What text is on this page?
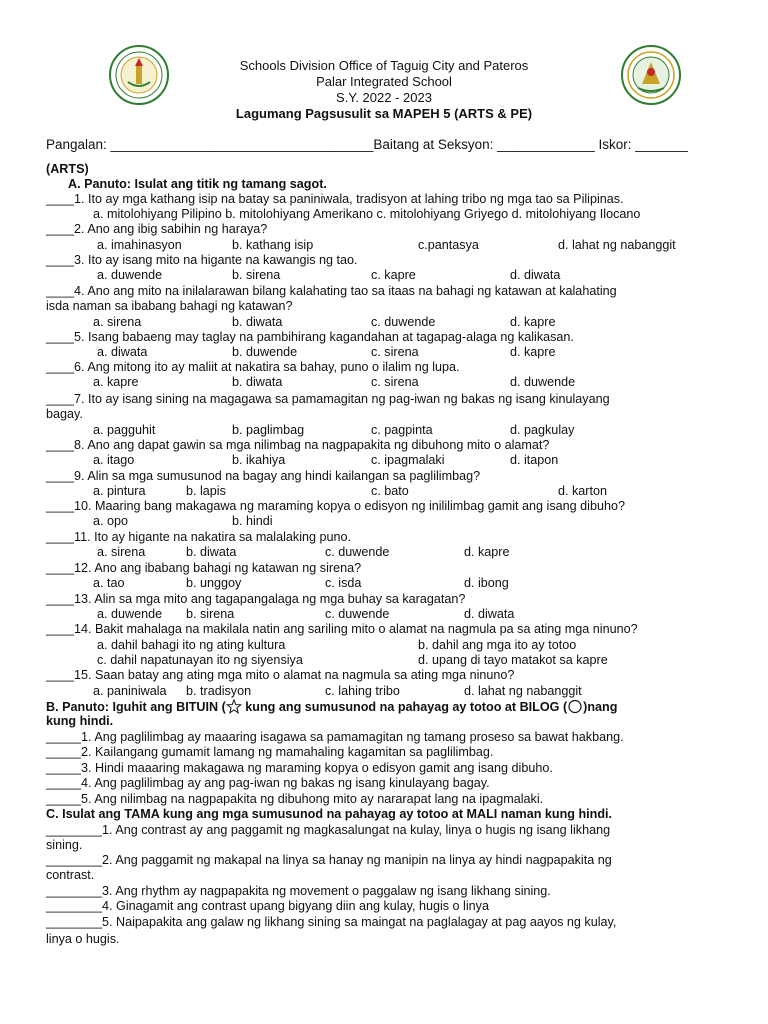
Schools Division Office of Taguig City and Pateros
Palar Integrated School
S.Y. 2022 - 2023
Lagumang Pagsusulit sa MAPEH 5 (ARTS & PE)
Pangalan: ___________________________________Baitang at Seksyon: _____________ Iskor: _______
(ARTS)
A. Panuto: Isulat ang titik ng tamang sagot.
____1. Ito ay mga kathang isip na batay sa paniniwala, tradisyon at lahing tribo ng mga tao sa Pilipinas.
a. mitolohiyang Pilipino b. mitolohiyang Amerikano c. mitolohiyang Griyego d. mitolohiyang Ilocano
____2. Ano ang ibig sabihin ng haraya?
a. imahinasyon	b. kathang isip	c.pantasya	d. lahat ng nabanggit
____3. Ito ay isang mito na higante na kawangis ng tao.
a. duwende	b. sirena	c. kapre	d. diwata
____4. Ano ang mito na inilalarawan bilang kalahating tao sa itaas na bahagi ng katawan at kalahating
isda naman sa ibabang bahagi ng katawan?
a. sirena	b. diwata	c. duwende	d. kapre
____5. Isang babaeng may taglay na pambihirang kagandahan at tagapag-alaga ng kalikasan.
a. diwata	b. duwende	c. sirena	d. kapre
____6. Ang mitong ito ay maliit at nakatira sa bahay, puno o ilalim ng lupa.
a. kapre	b. diwata	c. sirena	d. duwende
____7. Ito ay isang sining na magagawa sa pamamagitan ng pag-iwan ng bakas ng isang kinulayang
bagay.
a. pagguhit	b. paglimbag	c. pagpinta	d. pagkulay
____8. Ano ang dapat gawin sa mga nilimbag na nagpapakita ng dibuhong mito o alamat?
a. itago	b. ikahiya	c. ipagmalaki	d. itapon
____9. Alin sa mga sumusunod na bagay ang hindi kailangan sa paglilimbag?
a. pintura	b. lapis	c. bato	d. karton
____10. Maaring bang makagawa ng maraming kopya o edisyon ng inililimbag gamit ang isang dibuho?
a. opo	b. hindi
____11. Ito ay higante na nakatira sa malalaking puno.
a. sirena	b. diwata	c. duwende	d. kapre
____12. Ano ang ibabang bahagi ng katawan ng sirena?
a. tao	b. unggoy	c. isda	d. ibong
____13. Alin sa mga mito ang tagapangalaga ng mga buhay sa karagatan?
a. duwende b. sirena	c. duwende	d. diwata
____14. Bakit mahalaga na makilala natin ang sariling mito o alamat na nagmula pa sa ating mga ninuno?
a. dahil bahagi ito ng ating kultura	b. dahil ang mga ito ay totoo
c. dahil napatunayan ito ng siyensiya	d. upang di tayo matakot sa kapre
____15. Saan batay ang ating mga mito o alamat na nagmula sa ating mga ninuno?
a. paniniwala b. tradisyon	c. lahing tribo	d. lahat ng nabanggit
B. Panuto: Iguhit ang BITUIN ( kung ang sumusunod na pahayag ay totoo at BILOG ( )nang
kung hindi.
_____1. Ang paglilimbag ay maaaring isagawa sa pamamagitan ng tamang proseso sa bawat hakbang.
_____2. Kailangang gumamit lamang ng mamahaling kagamitan sa paglilimbag.
_____3. Hindi maaaring makagawa ng maraming kopya o edisyon gamit ang isang dibuho.
_____4. Ang paglilimbag ay ang pag-iwan ng bakas ng isang kinulayang bagay.
_____5. Ang nilimbag na nagpapakita ng dibuhong mito ay nararapat lang na ipagmalaki.
C. Isulat ang TAMA kung ang mga sumusunod na pahayag ay totoo at MALI naman kung hindi.
________1. Ang contrast ay ang paggamit ng magkasalungat na kulay, linya o hugis ng isang likhang
sining.
________2. Ang paggamit ng makapal na linya sa hanay ng manipin na linya ay hindi nagpapakita ng
contrast.
________3. Ang rhythm ay nagpapakita ng movement o paggalaw ng isang likhang sining.
________4. Ginagamit ang contrast upang bigyang diin ang kulay, hugis o linya
________5. Naipapakita ang galaw ng likhang sining sa maingat na paglalagay at pag aayos ng kulay,
linya o hugis.
